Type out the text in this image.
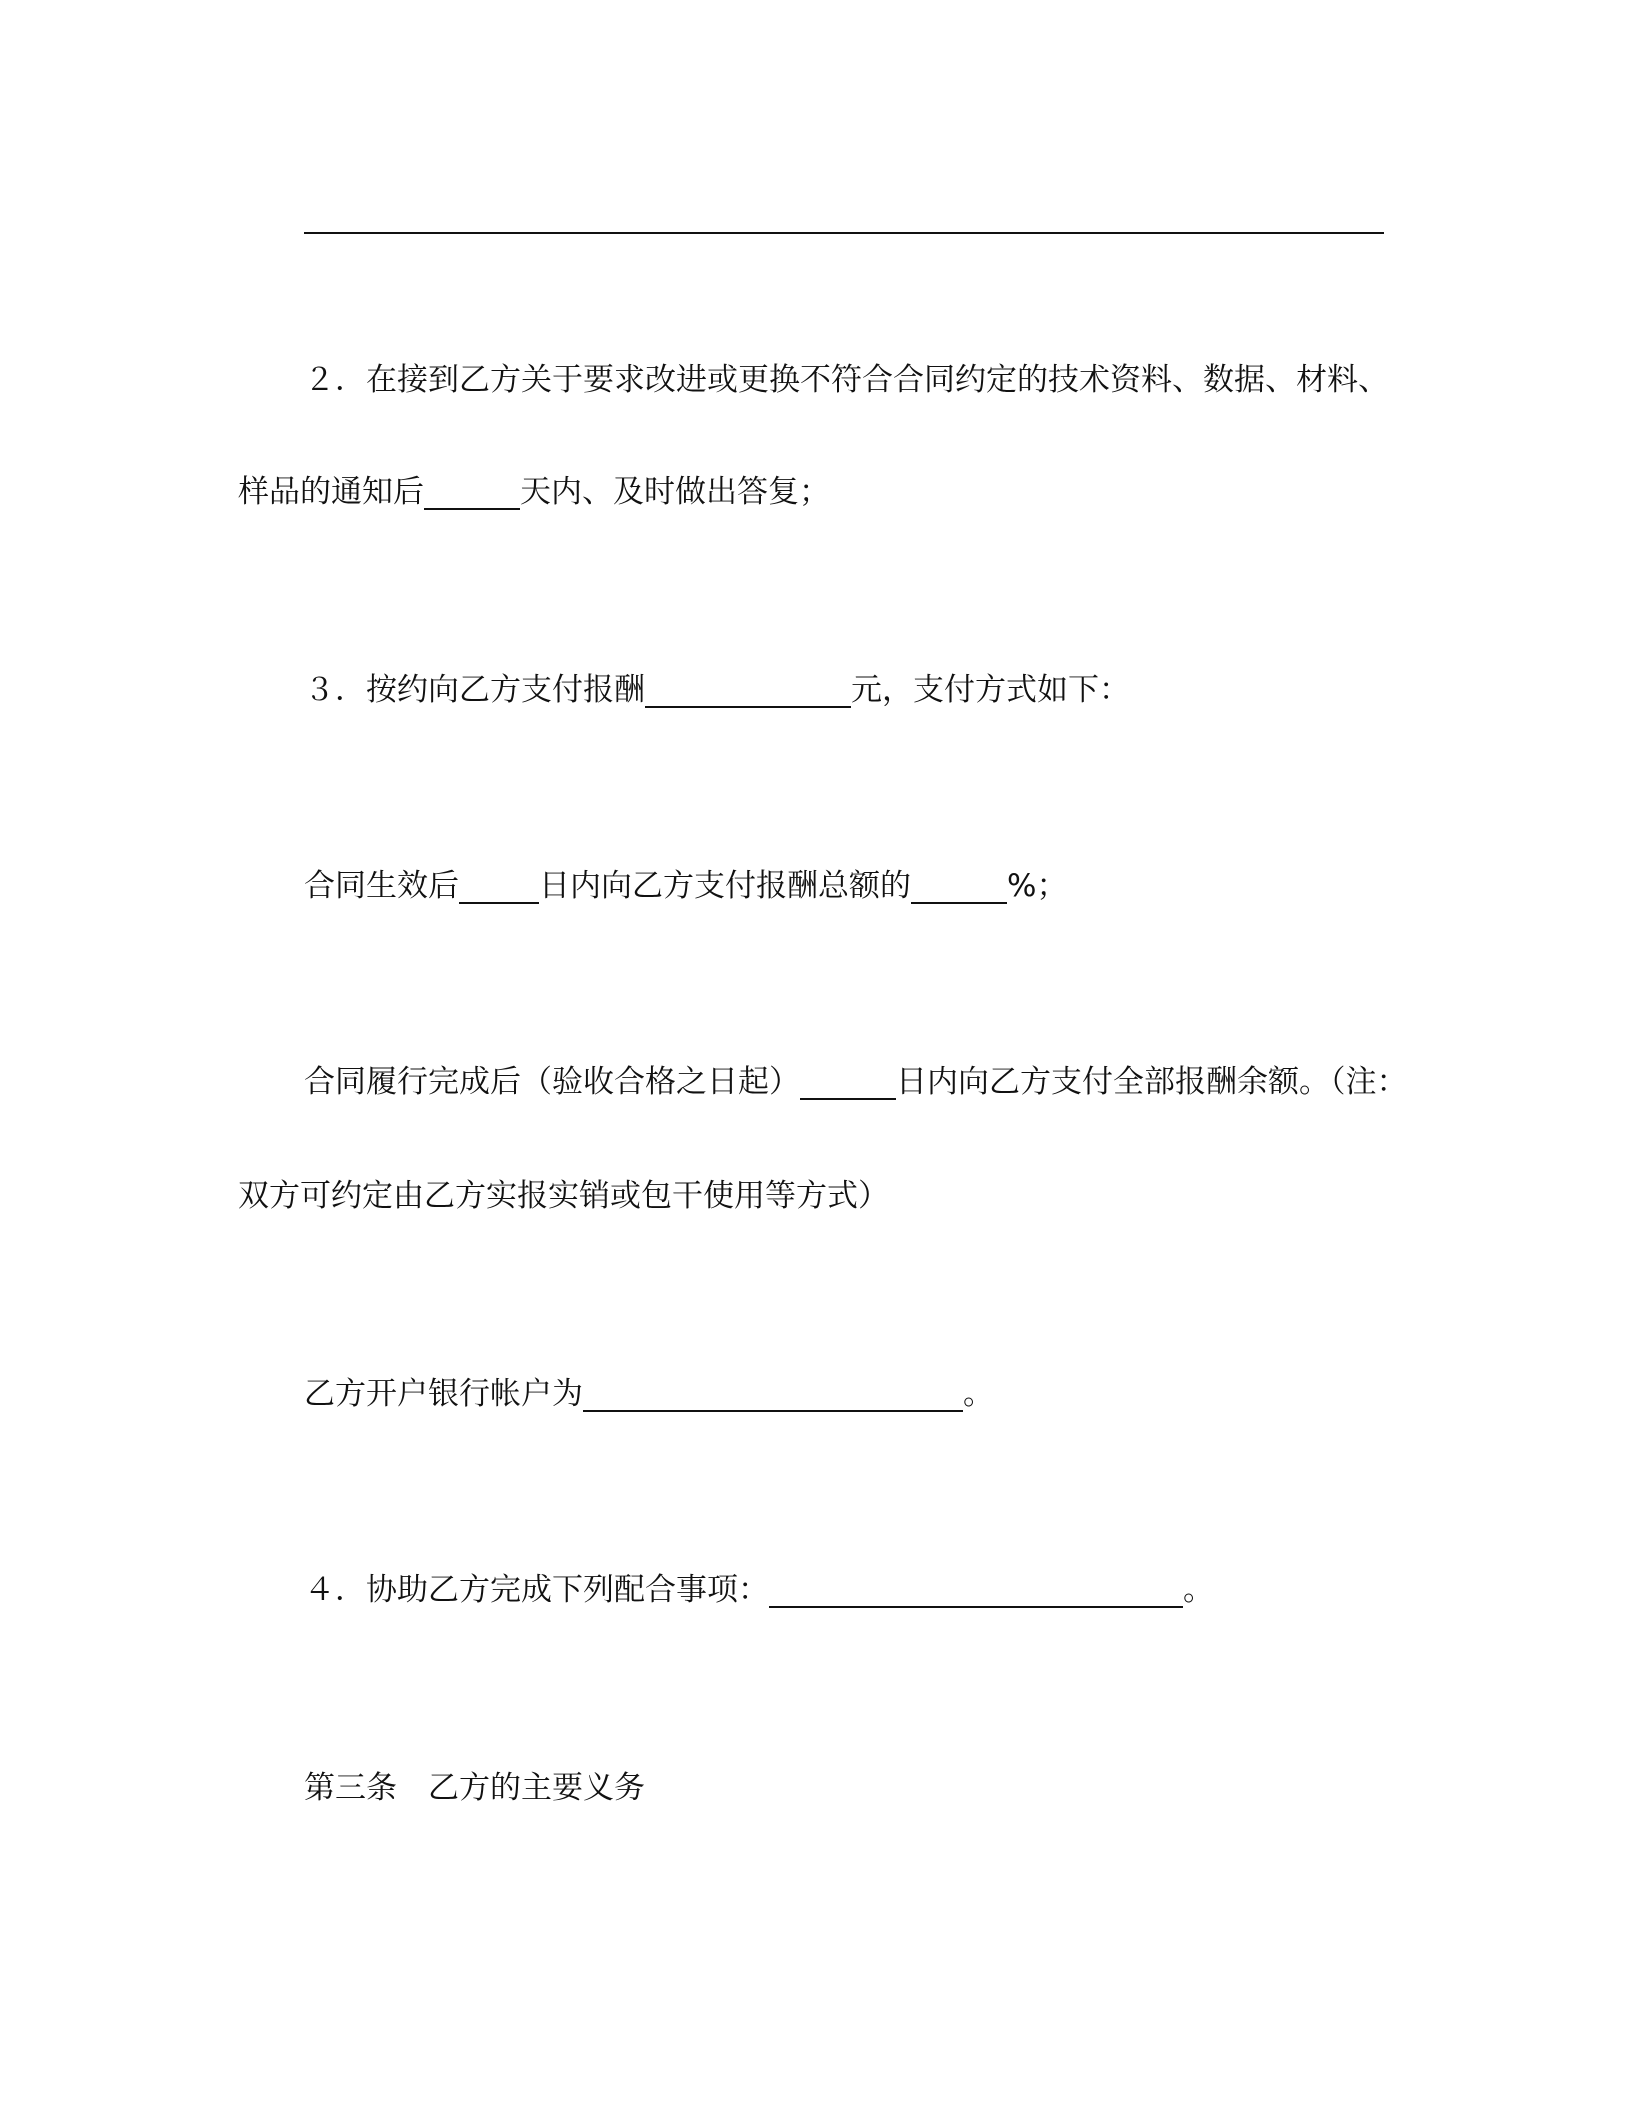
２．在接到乙方关于要求改进或更换不符合合同约定的技术资料、数据、材料、
样品的通知后	天内、及时做出答复；
３．按约向乙方支付报酬	元，支付方式如下：
合同生效后	日内向乙方支付报酬总额的	%；
合同履行完成后（验收合格之日起）	日内向乙方支付全部报酬余额。（注：
双方可约定由乙方实报实销或包干使用等方式）
乙方开户银行帐户为	。
４．协助乙方完成下列配合事项：	。
第三条　乙方的主要义务
